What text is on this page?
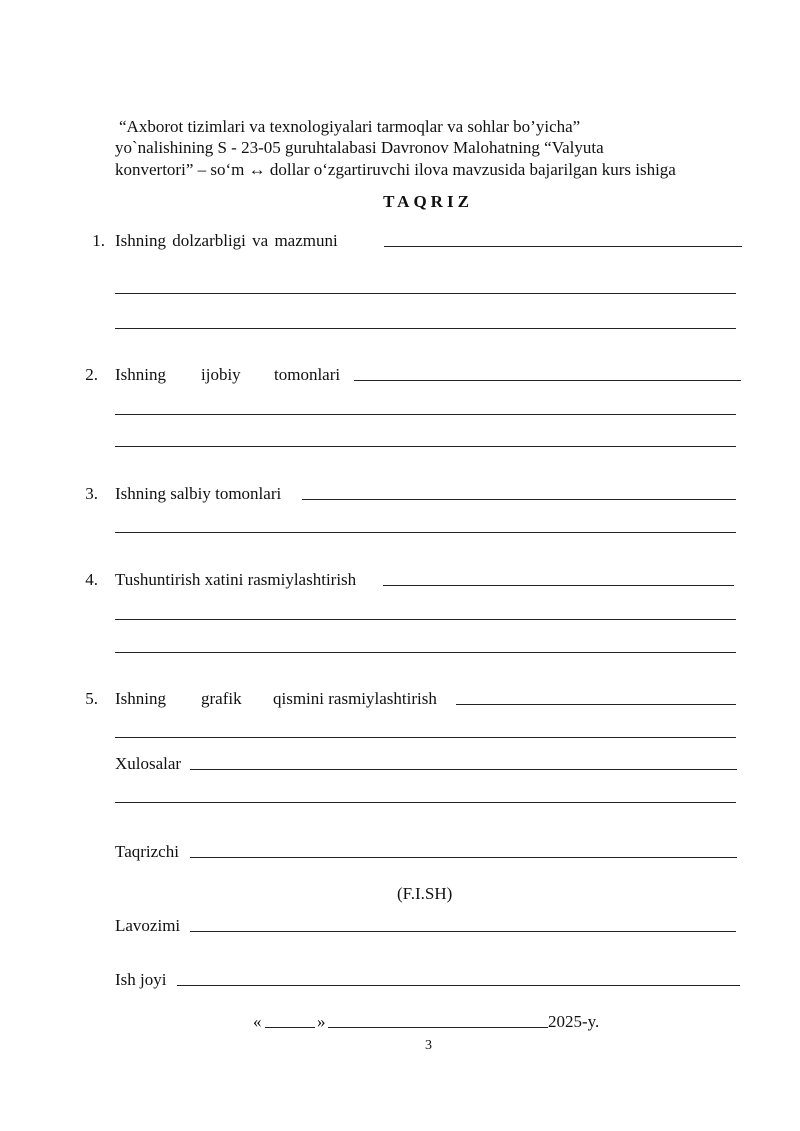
“Axborot tizimlari va texnologiyalari tarmoqlar va sohlar bo’yicha”
yo`nalishining S - 23-05 guruhtalabasi Davronov Malohatning “Valyuta
konvertori” – so‘m ↔ dollar o‘zgartiruvchi ilova mavzusida bajarilgan kurs ishiga
TAQRIZ
1. Ishning dolzarbligi va mazmuni
2. Ishning ijobiy tomonlari
3. Ishning salbiy tomonlari
4. Tushuntirish xatini rasmiylashtirish
5. Ishning grafik qismini rasmiylashtirish
Xulosalar
Taqrizchi
(F.I.SH)
Lavozimi
Ish joyi
«	»	2025-y.
3
